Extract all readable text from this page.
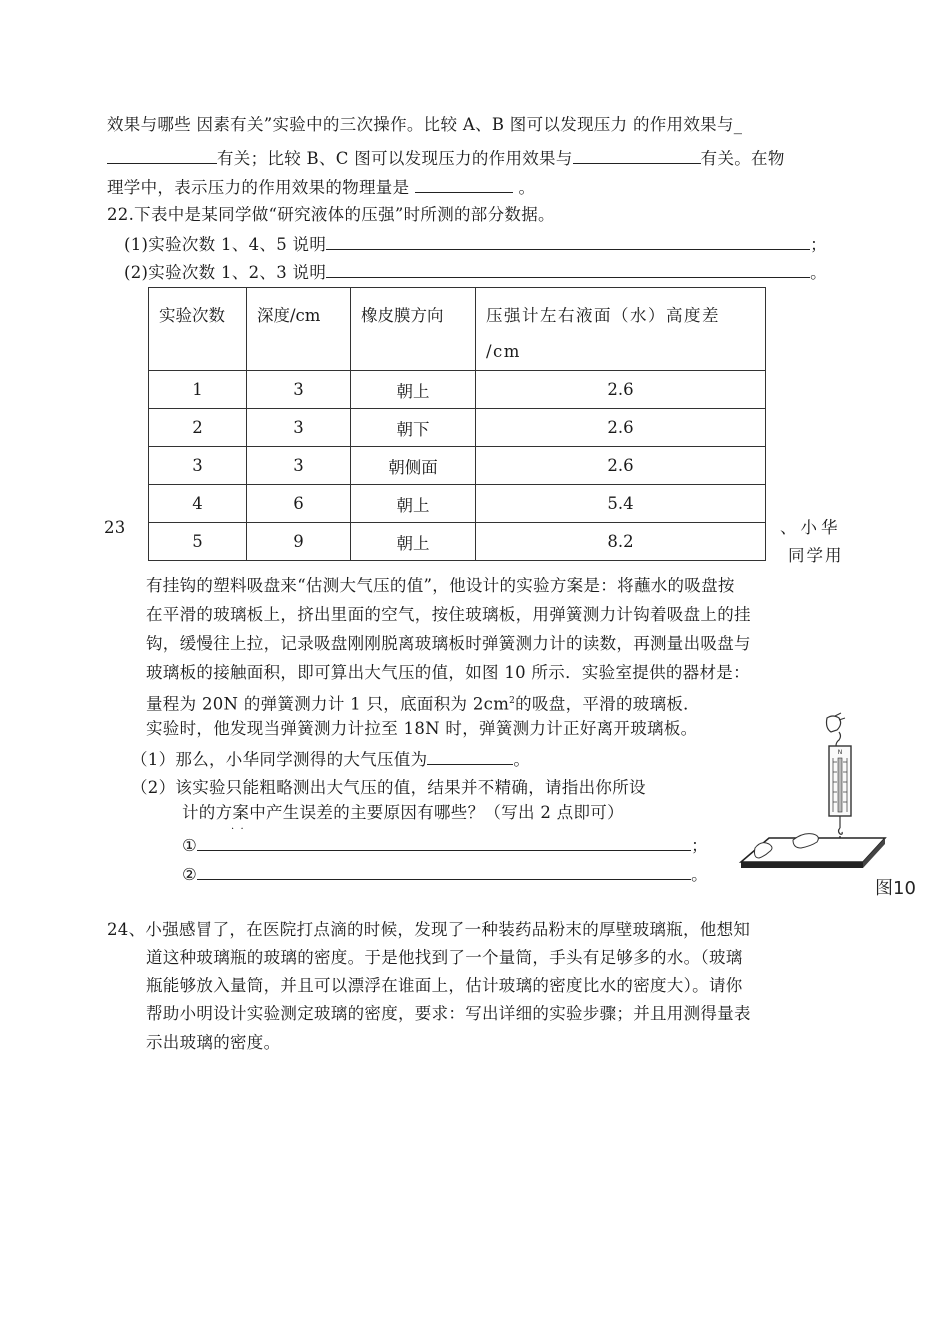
效果与哪些 因素有关”实验中的三次操作。比较 A、B 图可以发现压力 的作用效果与_
有关；比较 B、C 图可以发现压力的作用效果与	有关。在物
理学中，表示压力的作用效果的物理量是	。
22.下表中是某同学做“研究液体的压强”时所测的部分数据。
(1)实验次数 1、4、5 说明	；
(2)实验次数 1、2、3 说明	。
实验次数	深度/cm	橡皮膜方向	压强计左右液面（水）高度差
/cm
1	3	朝上	2.6
2	3	朝下	2.6
3	3	朝侧面	2.6
4	6	朝上	5.4
5	9	朝上	8.2
23	、小华
同学用
有挂钩的塑料吸盘来“估测大气压的值”，他设计的实验方案是：将蘸水的吸盘按
在平滑的玻璃板上，挤出里面的空气，按住玻璃板，用弹簧测力计钩着吸盘上的挂
钩，缓慢往上拉，记录吸盘刚刚脱离玻璃板时弹簧测力计的读数，再测量出吸盘与
玻璃板的接触面积，即可算出大气压的值，如图 10 所示．实验室提供的器材是：
量程为 20N 的弹簧测力计 1 只，底面积为 $2cm^2$的吸盘，平滑的玻璃板．
实验时，他发现当弹簧测力计拉至 18N 时，弹簧测力计正好离开玻璃板。
（1）那么，小华同学测得的大气压值为	。
（2）该实验只能粗略测出大气压的值，结果并不精确，请指出你所设
计的方案中产生误差的主要原因有哪些？（写出 2 点即可）
·  ·
①	；
②	。
N
图10
24、小强感冒了，在医院打点滴的时候，发现了一种装药品粉末的厚壁玻璃瓶，他想知
道这种玻璃瓶的玻璃的密度。于是他找到了一个量筒，手头有足够多的水。（玻璃
瓶能够放入量筒，并且可以漂浮在谁面上，估计玻璃的密度比水的密度大）。请你
帮助小明设计实验测定玻璃的密度，要求：写出详细的实验步骤；并且用测得量表
示出玻璃的密度。
